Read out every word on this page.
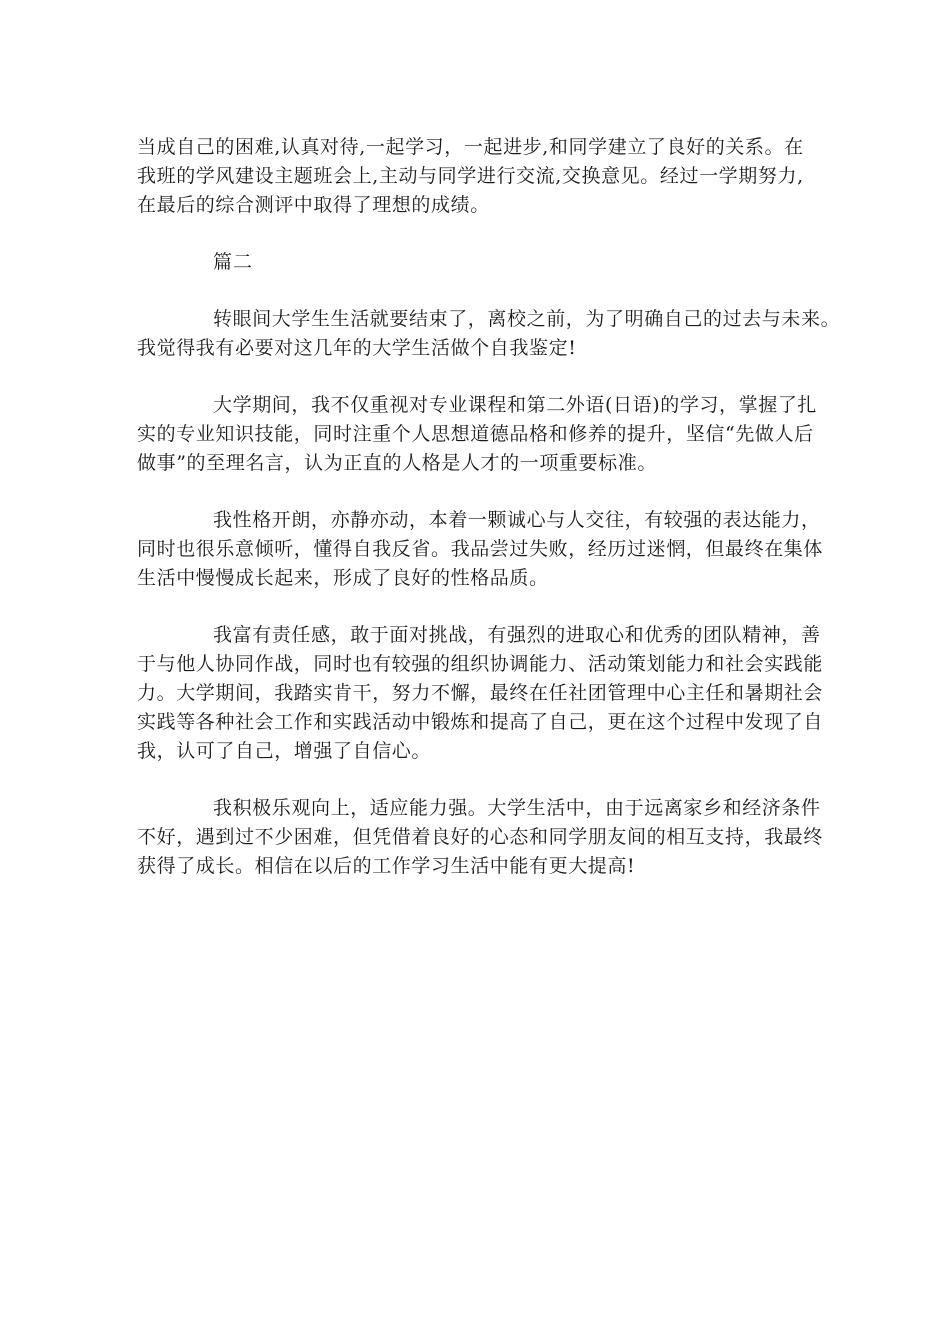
当成自己的困难,认真对待,一起学习，一起进步,和同学建立了良好的关系。在
我班的学风建设主题班会上,主动与同学进行交流,交换意见。经过一学期努力,
在最后的综合测评中取得了理想的成绩。

篇二

转眼间大学生生活就要结束了，离校之前，为了明确自己的过去与未来。
我觉得我有必要对这几年的大学生活做个自我鉴定!

大学期间，我不仅重视对专业课程和第二外语(日语)的学习，掌握了扎
实的专业知识技能，同时注重个人思想道德品格和修养的提升，坚信“先做人后
做事”的至理名言，认为正直的人格是人才的一项重要标准。

我性格开朗，亦静亦动，本着一颗诚心与人交往，有较强的表达能力，
同时也很乐意倾听，懂得自我反省。我品尝过失败，经历过迷惘，但最终在集体
生活中慢慢成长起来，形成了良好的性格品质。

我富有责任感，敢于面对挑战，有强烈的进取心和优秀的团队精神，善
于与他人协同作战，同时也有较强的组织协调能力、活动策划能力和社会实践能
力。大学期间，我踏实肯干，努力不懈，最终在任社团管理中心主任和暑期社会
实践等各种社会工作和实践活动中锻炼和提高了自己，更在这个过程中发现了自
我，认可了自己，增强了自信心。

我积极乐观向上，适应能力强。大学生活中，由于远离家乡和经济条件
不好，遇到过不少困难，但凭借着良好的心态和同学朋友间的相互支持，我最终
获得了成长。相信在以后的工作学习生活中能有更大提高!
